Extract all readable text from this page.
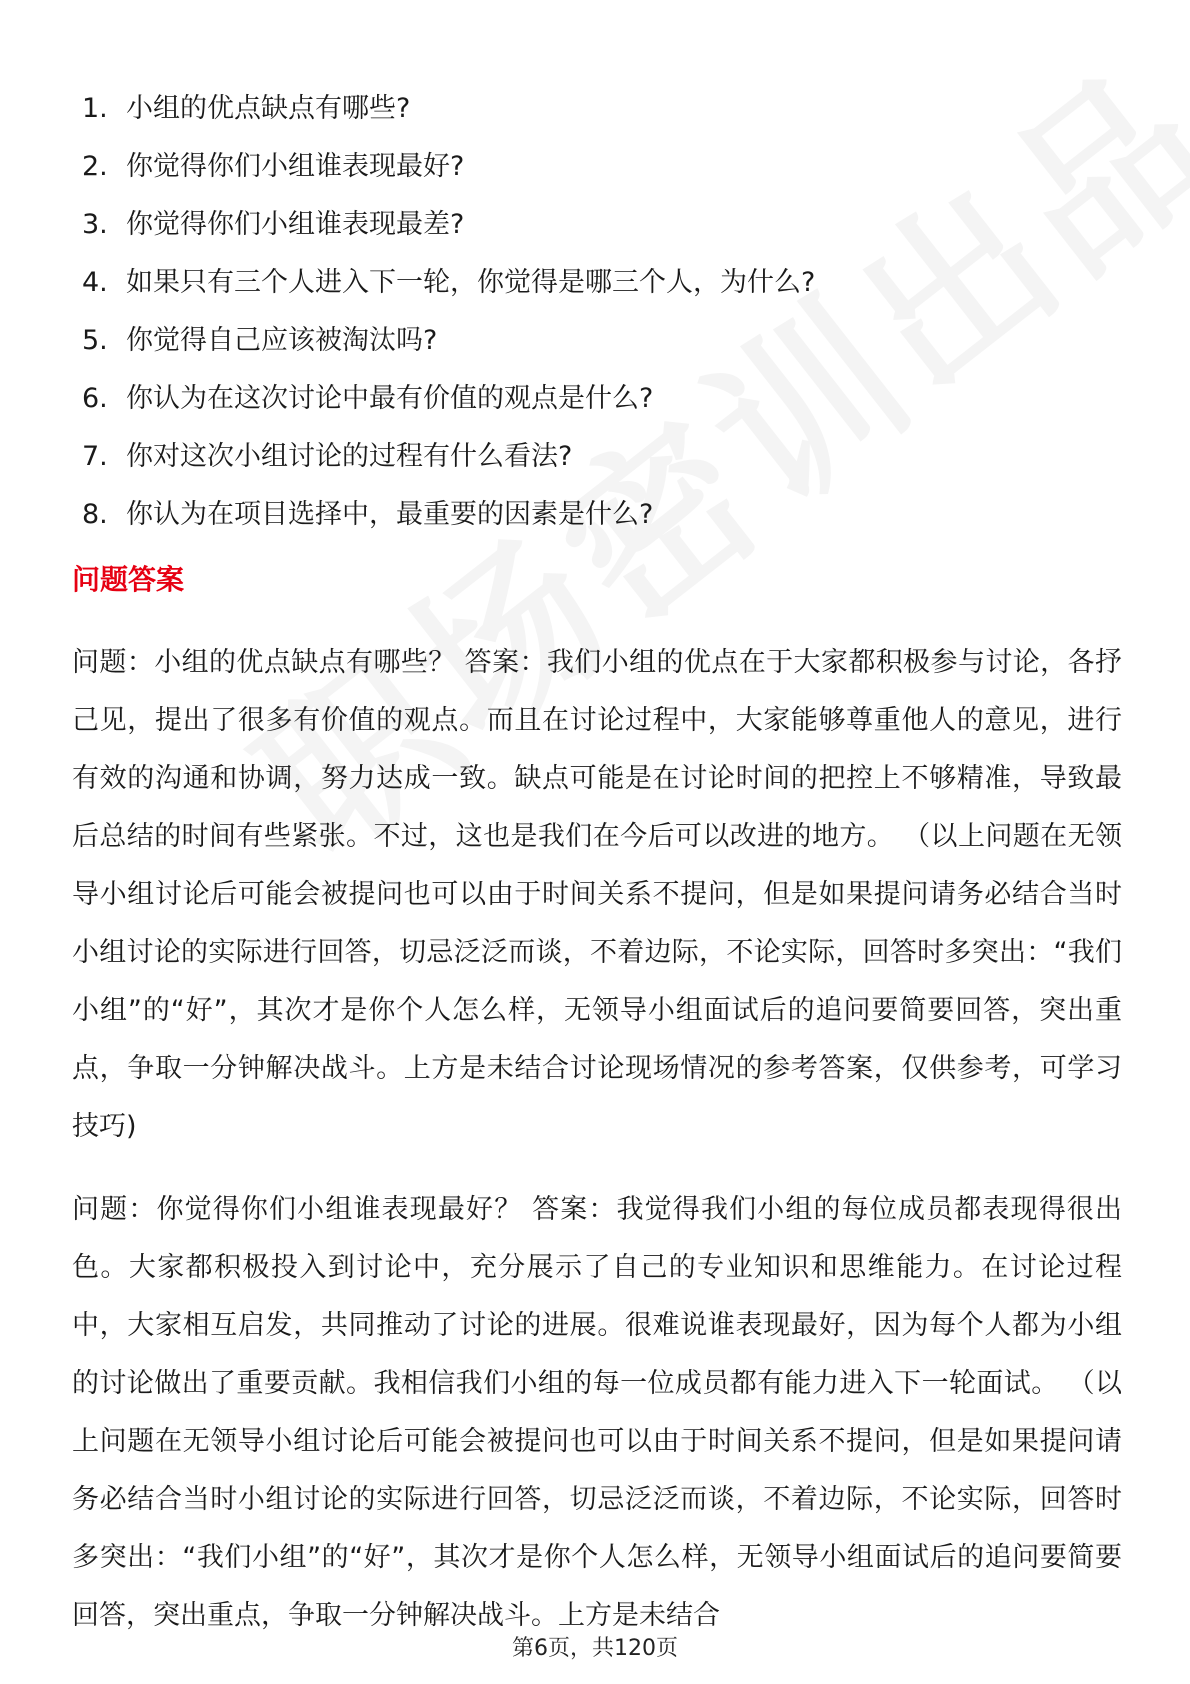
1. 小组的优点缺点有哪些?
2. 你觉得你们小组谁表现最好?
3. 你觉得你们小组谁表现最差?
4. 如果只有三个人进入下一轮，你觉得是哪三个人，为什么?
5. 你觉得自己应该被淘汰吗?
6. 你认为在这次讨论中最有价值的观点是什么?
7. 你对这次小组讨论的过程有什么看法?
8. 你认为在项目选择中，最重要的因素是什么?
问题答案

问题：小组的优点缺点有哪些？ 答案：我们小组的优点在于大家都积极参与讨论，各抒己见，提出了很多有价值的观点。而且在讨论过程中，大家能够尊重他人的意见，进行有效的沟通和协调，努力达成一致。缺点可能是在讨论时间的把控上不够精准，导致最后总结的时间有些紧张。不过，这也是我们在今后可以改进的地方。 （以上问题在无领导小组讨论后可能会被提问也可以由于时间关系不提问，但是如果提问请务必结合当时小组讨论的实际进行回答，切忌泛泛而谈，不着边际，不论实际，回答时多突出：“我们小组”的“好”，其次才是你个人怎么样，无领导小组面试后的追问要简要回答，突出重点，争取一分钟解决战斗。上方是未结合讨论现场情况的参考答案，仅供参考，可学习技巧)

问题：你觉得你们小组谁表现最好？ 答案：我觉得我们小组的每位成员都表现得很出色。大家都积极投入到讨论中，充分展示了自己的专业知识和思维能力。在讨论过程中，大家相互启发，共同推动了讨论的进展。很难说谁表现最好，因为每个人都为小组的讨论做出了重要贡献。我相信我们小组的每一位成员都有能力进入下一轮面试。 （以上问题在无领导小组讨论后可能会被提问也可以由于时间关系不提问，但是如果提问请务必结合当时小组讨论的实际进行回答，切忌泛泛而谈，不着边际，不论实际，回答时多突出：“我们小组”的“好”，其次才是你个人怎么样，无领导小组面试后的追问要简要回答，突出重点，争取一分钟解决战斗。上方是未结合

第6页，共120页
